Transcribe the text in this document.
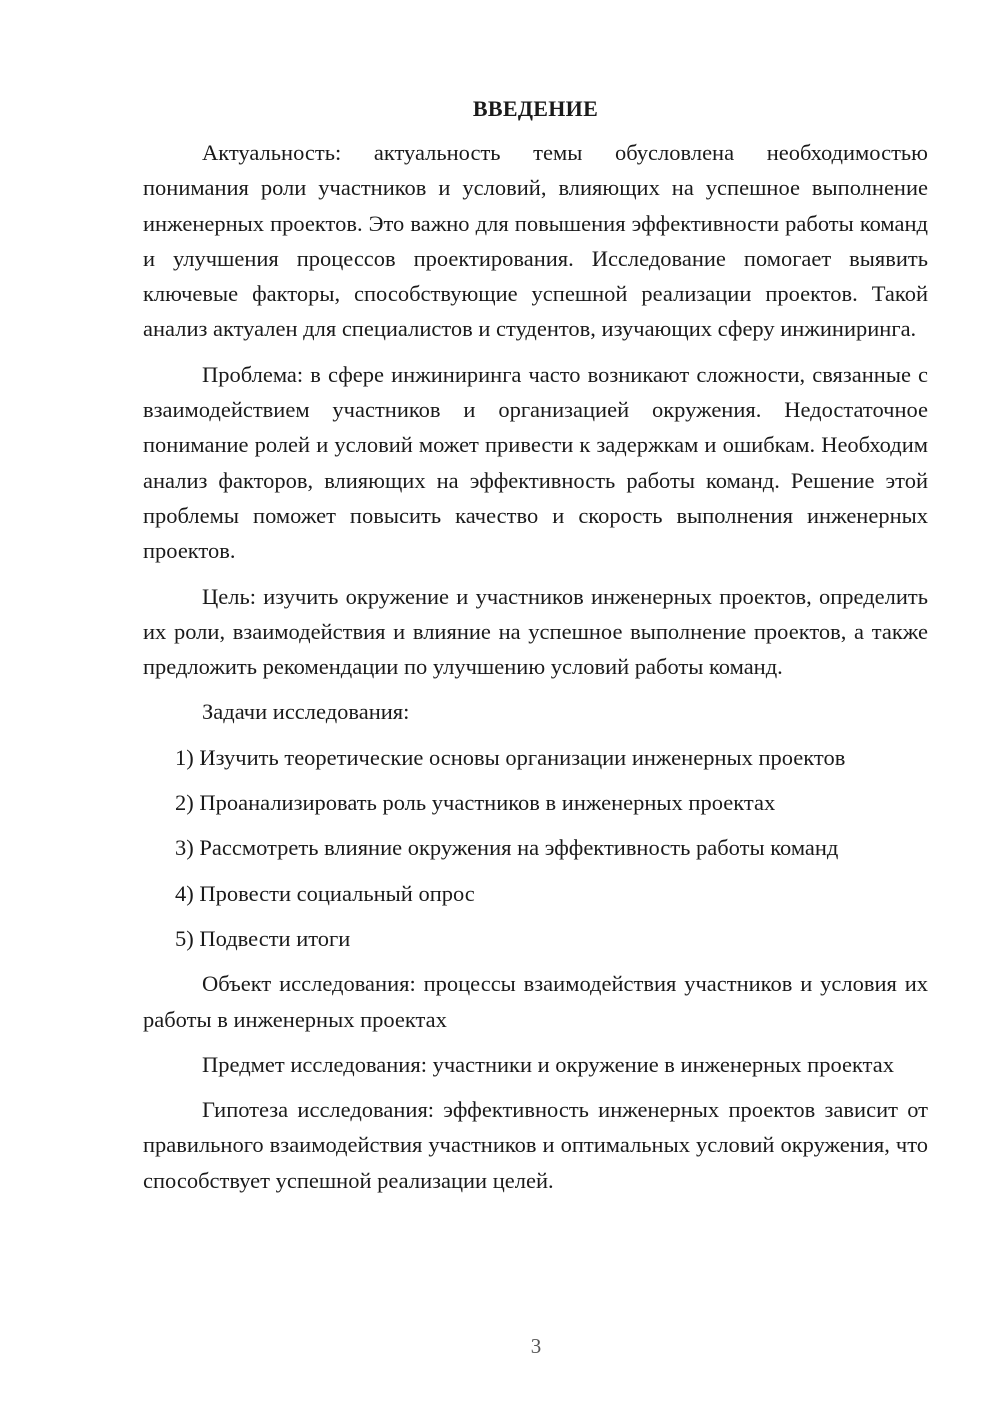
ВВЕДЕНИЕ

Актуальность: актуальность темы обусловлена необходимостью понимания роли участников и условий, влияющих на успешное выполнение инженерных проектов. Это важно для повышения эффективности работы команд и улучшения процессов проектирования. Исследование помогает выявить ключевые факторы, способствующие успешной реализации проектов. Такой анализ актуален для специалистов и студентов, изучающих сферу инжиниринга.

Проблема: в сфере инжиниринга часто возникают сложности, связанные с взаимодействием участников и организацией окружения. Недостаточное понимание ролей и условий может привести к задержкам и ошибкам. Необходим анализ факторов, влияющих на эффективность работы команд. Решение этой проблемы поможет повысить качество и скорость выполнения инженерных проектов.

Цель: изучить окружение и участников инженерных проектов, определить их роли, взаимодействия и влияние на успешное выполнение проектов, а также предложить рекомендации по улучшению условий работы команд.

Задачи исследования:
1) Изучить теоретические основы организации инженерных проектов
2) Проанализировать роль участников в инженерных проектах
3) Рассмотреть влияние окружения на эффективность работы команд
4) Провести социальный опрос
5) Подвести итоги

Объект исследования: процессы взаимодействия участников и условия их работы в инженерных проектах

Предмет исследования: участники и окружение в инженерных проектах

Гипотеза исследования: эффективность инженерных проектов зависит от правильного взаимодействия участников и оптимальных условий окружения, что способствует успешной реализации целей.

3
